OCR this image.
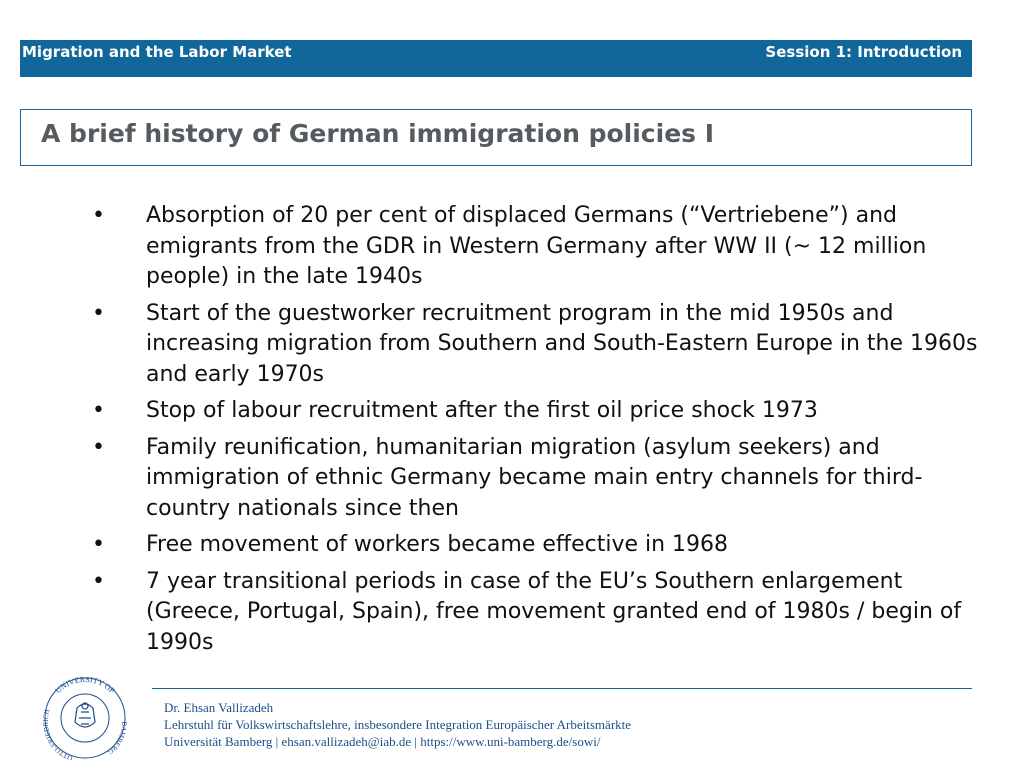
Migration and the Labor Market	Session 1: Introduction
A brief history of German immigration policies I
•	Absorption of 20 per cent of displaced Germans (“Vertriebene”) and emigrants from the GDR in Western Germany after WW II (~ 12 million people) in the late 1940s
•	Start of the guestworker recruitment program in the mid 1950s and increasing migration from Southern and South-Eastern Europe in the 1960s and early 1970s
•	Stop of labour recruitment after the first oil price shock 1973
•	Family reunification, humanitarian migration (asylum seekers) and immigration of ethnic Germany became main entry channels for third-country nationals since then
•	Free movement of workers became effective in 1968
•	7 year transitional periods in case of the EU’s Southern enlargement (Greece, Portugal, Spain), free movement granted end of 1980s / begin of 1990s
UNIVERSITY OF
OTTO-FRIEDRICH
BAMBERG
Dr. Ehsan Vallizadeh
Lehrstuhl für Volkswirtschaftslehre, insbesondere Integration Europäischer Arbeitsmärkte
Universität Bamberg | ehsan.vallizadeh@iab.de | https://www.uni-bamberg.de/sowi/
